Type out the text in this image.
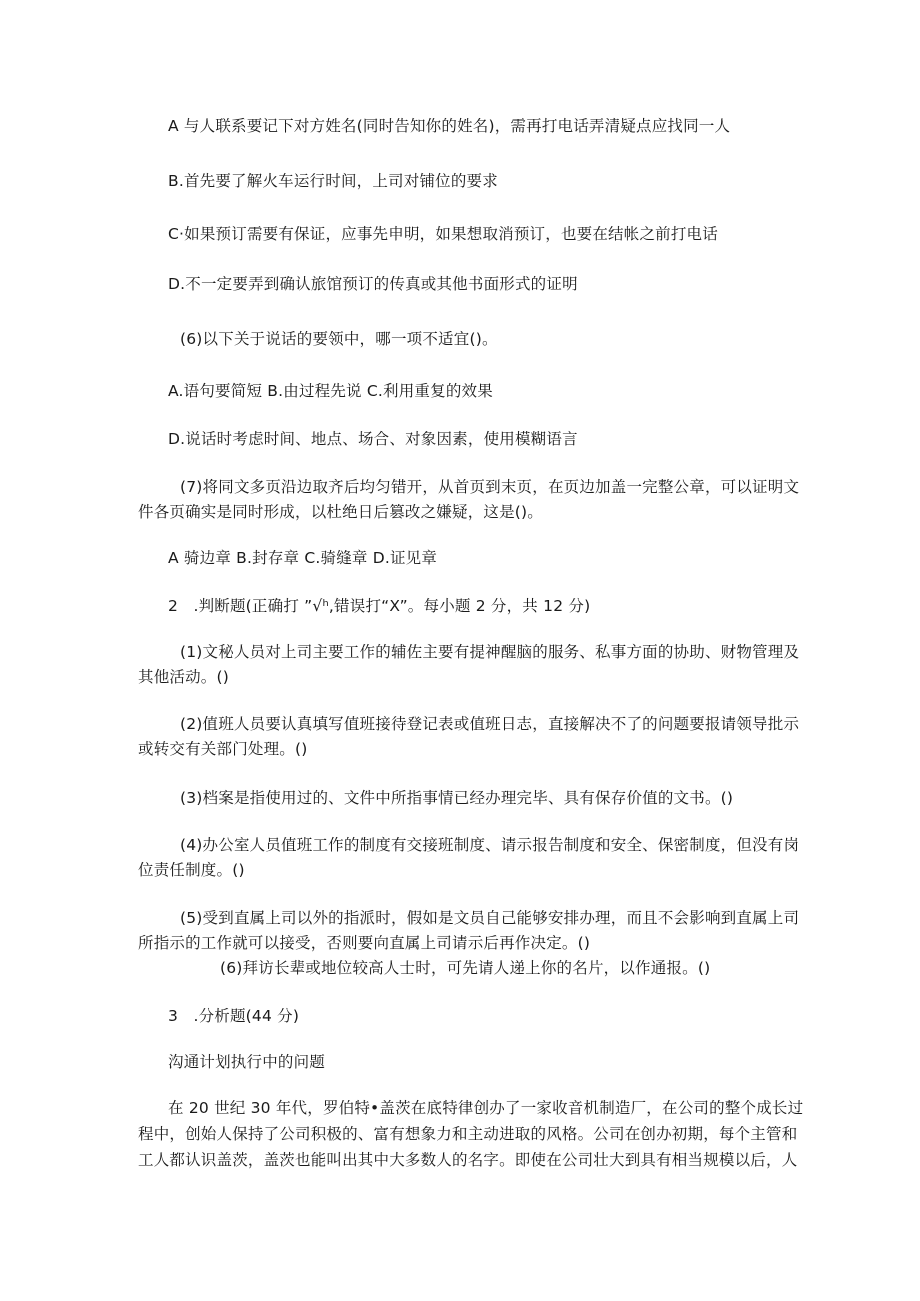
A 与人联系要记下对方姓名(同时告知你的姓名)，需再打电话弄清疑点应找同一人
B.首先要了解火车运行时间，上司对铺位的要求
C·如果预订需要有保证，应事先申明，如果想取消预订，也要在结帐之前打电话
D.不一定要弄到确认旅馆预订的传真或其他书面形式的证明
(6)以下关于说话的要领中，哪一项不适宜()。
A.语句要简短 B.由过程先说 C.利用重复的效果
D.说话时考虑时间、地点、场合、对象因素，使用模糊语言
(7)将同文多页沿边取齐后均匀错开，从首页到末页，在页边加盖一完整公章，可以证明文
件各页确实是同时形成，以杜绝日后篡改之嫌疑，这是()。
A 骑边章 B.封存章 C.骑缝章 D.证见章
2   .判断题(正确打 ”√ʰ,错误打“X”。每小题 2 分，共 12 分)
(1)文秘人员对上司主要工作的辅佐主要有提神醒脑的服务、私事方面的协助、财物管理及
其他活动。()
(2)值班人员要认真填写值班接待登记表或值班日志，直接解决不了的问题要报请领导批示
或转交有关部门处理。()
(3)档案是指使用过的、文件中所指事情已经办理完毕、具有保存价值的文书。()
(4)办公室人员值班工作的制度有交接班制度、请示报告制度和安全、保密制度，但没有岗
位责任制度。()
(5)受到直属上司以外的指派时，假如是文员自己能够安排办理，而且不会影响到直属上司
所指示的工作就可以接受，否则要向直属上司请示后再作决定。()
(6)拜访长辈或地位较高人士时，可先请人递上你的名片，以作通报。()
3   .分析题(44 分)
沟通计划执行中的问题
在 20 世纪 30 年代，罗伯特•盖茨在底特律创办了一家收音机制造厂，在公司的整个成长过
程中，创始人保持了公司积极的、富有想象力和主动进取的风格。公司在创办初期，每个主管和
工人都认识盖茨，盖茨也能叫出其中大多数人的名字。即使在公司壮大到具有相当规模以后，人
